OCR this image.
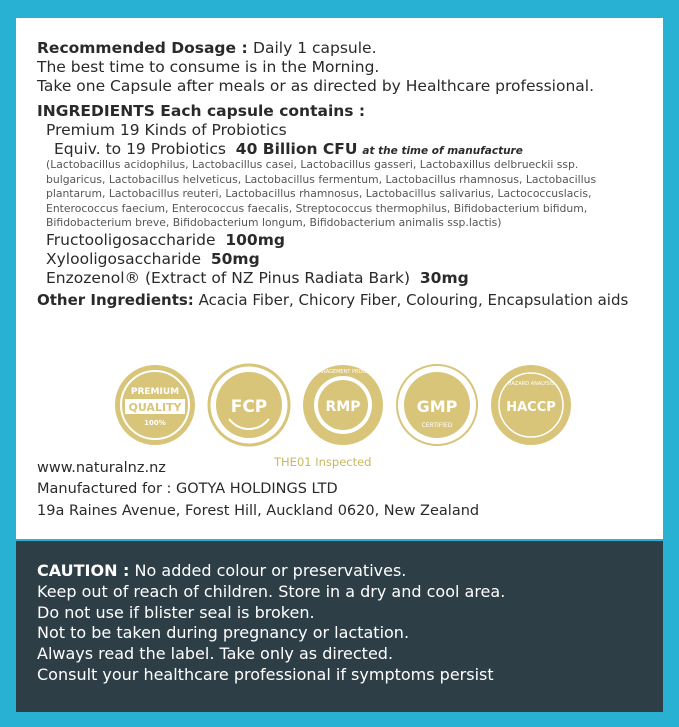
Recommended Dosage : Daily 1 capsule.

The best time to consume is in the Morning.

Take one Capsule after meals or as directed by Healthcare professional.

INGREDIENTS Each capsule contains :

Premium 19 Kinds of Probiotics

Equiv. to 19 Probiotics 40 Billion CFU at the time of manufacture

(Lactobacillus acidophilus, Lactobacillus casei, Lactobacillus gasseri, Lactobaxillus delbrueckii ssp.
bulgaricus, Lactobacillus helveticus, Lactobacillus fermentum, Lactobacillus rhamnosus, Lactobacillus
plantarum, Lactobacillus reuteri, Lactobacillus rhamnosus, Lactobacillus salivarius, Lactococcuslacis,
Enterococcus faecium, Enterococcus faecalis, Streptococcus thermophilus, Bifidobacterium bifidum,
Bifidobacterium breve, Bifidobacterium longum, Bifidobacterium animalis ssp.lactis)

Fructooligosaccharide 100mg

Xylooligosaccharide 50mg

Enzozenol® (Extract of NZ Pinus Radiata Bark) 30mg

Other Ingredients: Acacia Fiber, Chicory Fiber, Colouring, Encapsulation aids

PREMIUM
QUALITY
100%
FCP	RMP
RISK MANAGEMENT PROGRAMME
GMP
CERTIFIED
HACCP
HAZARD ANALYSIS
THE01 Inspected

www.naturalnz.nz

Manufactured for : GOTYA HOLDINGS LTD

19a Raines Avenue, Forest Hill, Auckland 0620, New Zealand

CAUTION : No added colour or preservatives.

Keep out of reach of children. Store in a dry and cool area.

Do not use if blister seal is broken.

Not to be taken during pregnancy or lactation.

Always read the label. Take only as directed.

Consult your healthcare professional if symptoms persist
